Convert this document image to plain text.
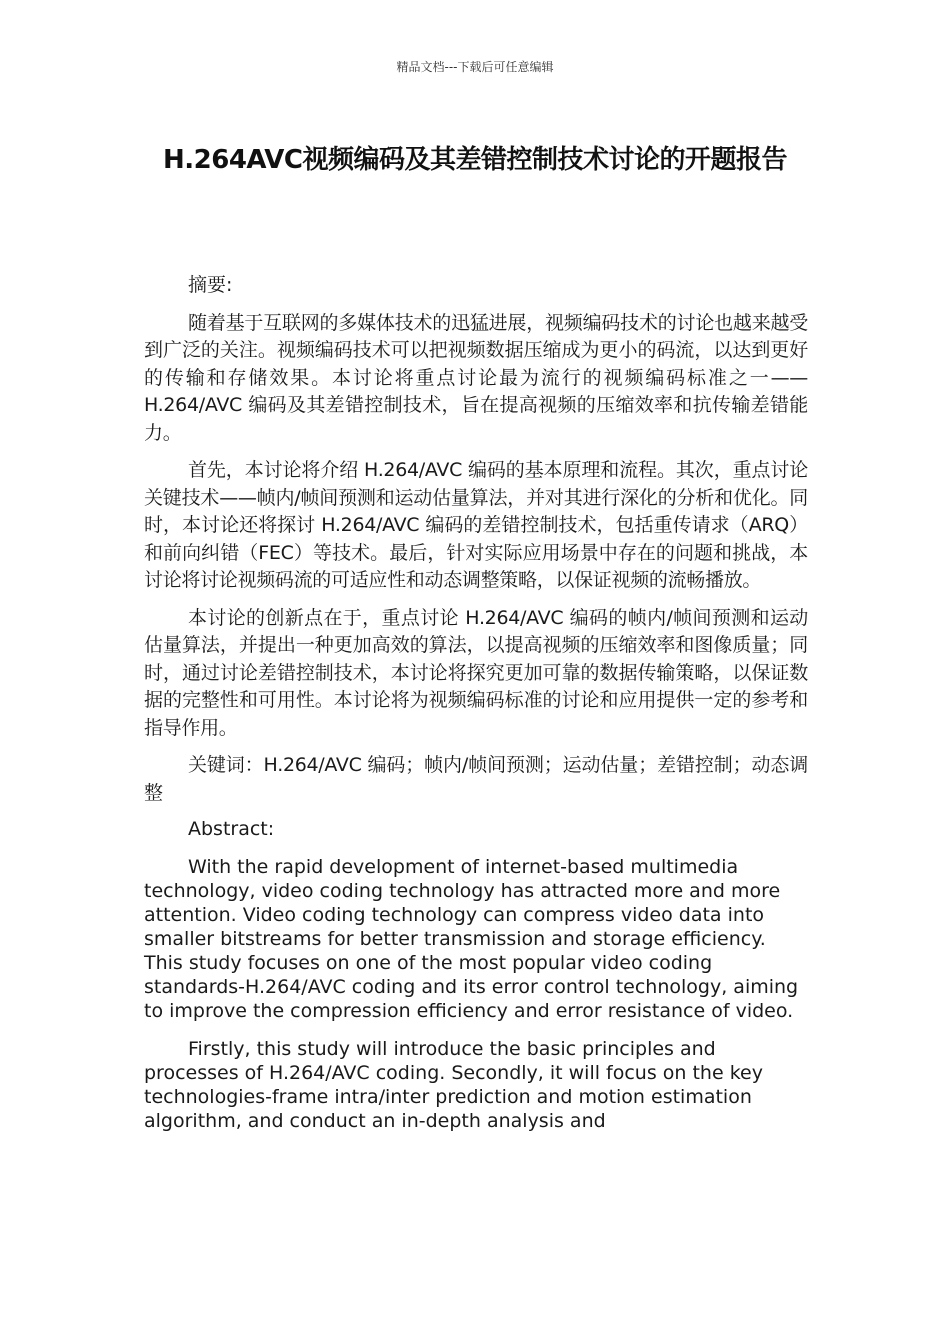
精品文档---下载后可任意编辑
H.264AVC视频编码及其差错控制技术讨论的开题报告

摘要:

随着基于互联网的多媒体技术的迅猛进展，视频编码技术的讨论也越来越受到广泛的关注。视频编码技术可以把视频数据压缩成为更小的码流，以达到更好的传输和存储效果。本讨论将重点讨论最为流行的视频编码标准之一——H.264/AVC 编码及其差错控制技术，旨在提高视频的压缩效率和抗传输差错能力。

首先，本讨论将介绍 H.264/AVC 编码的基本原理和流程。其次，重点讨论关键技术——帧内/帧间预测和运动估量算法，并对其进行深化的分析和优化。同时，本讨论还将探讨 H.264/AVC 编码的差错控制技术，包括重传请求（ARQ）和前向纠错（FEC）等技术。最后，针对实际应用场景中存在的问题和挑战，本讨论将讨论视频码流的可适应性和动态调整策略，以保证视频的流畅播放。

本讨论的创新点在于，重点讨论 H.264/AVC 编码的帧内/帧间预测和运动估量算法，并提出一种更加高效的算法，以提高视频的压缩效率和图像质量；同时，通过讨论差错控制技术，本讨论将探究更加可靠的数据传输策略，以保证数据的完整性和可用性。本讨论将为视频编码标准的讨论和应用提供一定的参考和指导作用。

关键词：H.264/AVC 编码；帧内/帧间预测；运动估量；差错控制；动态调整

Abstract:

With the rapid development of internet-based multimedia technology, video coding technology has attracted more and more attention. Video coding technology can compress video data into smaller bitstreams for better transmission and storage efficiency. This study focuses on one of the most popular video coding standards-H.264/AVC coding and its error control technology, aiming to improve the compression efficiency and error resistance of video.

Firstly, this study will introduce the basic principles and processes of H.264/AVC coding. Secondly, it will focus on the key technologies-frame intra/inter prediction and motion estimation algorithm, and conduct an in-depth analysis and
